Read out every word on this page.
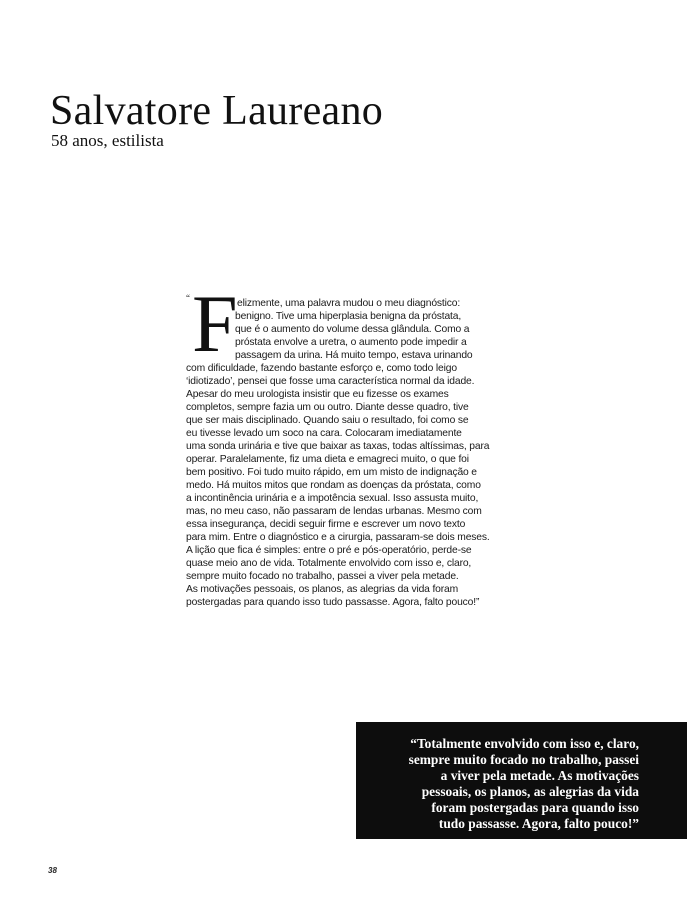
Salvatore Laureano

58 anos, estilista

“ F elizmente, uma palavra mudou o meu diagnóstico:
benigno. Tive uma hiperplasia benigna da próstata,
que é o aumento do volume dessa glândula. Como a
próstata envolve a uretra, o aumento pode impedir a
passagem da urina. Há muito tempo, estava urinando
com dificuldade, fazendo bastante esforço e, como todo leigo
‘idiotizado’, pensei que fosse uma característica normal da idade.
Apesar do meu urologista insistir que eu fizesse os exames
completos, sempre fazia um ou outro. Diante desse quadro, tive
que ser mais disciplinado. Quando saiu o resultado, foi como se
eu tivesse levado um soco na cara. Colocaram imediatamente
uma sonda urinária e tive que baixar as taxas, todas altíssimas, para
operar. Paralelamente, fiz uma dieta e emagreci muito, o que foi
bem positivo. Foi tudo muito rápido, em um misto de indignação e
medo. Há muitos mitos que rondam as doenças da próstata, como
a incontinência urinária e a impotência sexual. Isso assusta muito,
mas, no meu caso, não passaram de lendas urbanas. Mesmo com
essa insegurança, decidi seguir firme e escrever um novo texto
para mim. Entre o diagnóstico e a cirurgia, passaram-se dois meses.
A lição que fica é simples: entre o pré e pós-operatório, perde-se
quase meio ano de vida. Totalmente envolvido com isso e, claro,
sempre muito focado no trabalho, passei a viver pela metade.
As motivações pessoais, os planos, as alegrias da vida foram
postergadas para quando isso tudo passasse. Agora, falto pouco!”
“Totalmente envolvido com isso e, claro,
sempre muito focado no trabalho, passei
a viver pela metade. As motivações
pessoais, os planos, as alegrias da vida
foram postergadas para quando isso
tudo passasse. Agora, falto pouco!”
38
